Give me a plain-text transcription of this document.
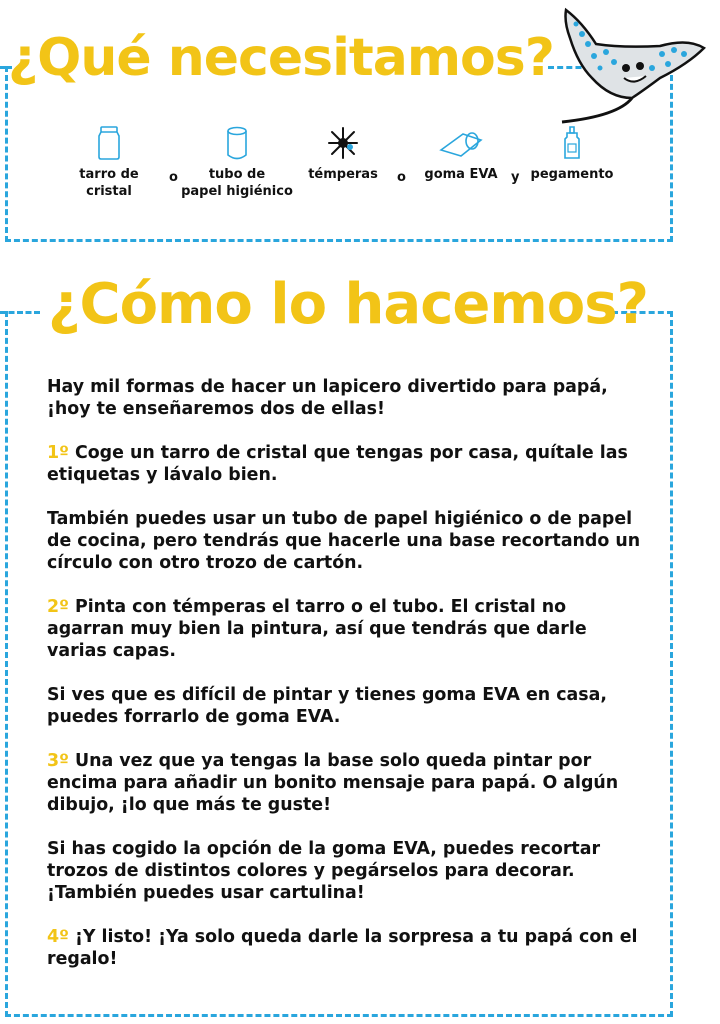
¿Qué necesitamos?
tarro de
cristal
o	tubo de
papel higiénico
témperas	o goma EVA y pegamento
¿Cómo lo hacemos?

Hay mil formas de hacer un lapicero divertido para papá, ¡hoy te enseñaremos dos de ellas!

1º Coge un tarro de cristal que tengas por casa, quítale las etiquetas y lávalo bien.

También puedes usar un tubo de papel higiénico o de papel de cocina, pero tendrás que hacerle una base recortando un círculo con otro trozo de cartón.

2º Pinta con témperas el tarro o el tubo. El cristal no agarran muy bien la pintura, así que tendrás que darle varias capas.

Si ves que es difícil de pintar y tienes goma EVA en casa, puedes forrarlo de goma EVA.

3º Una vez que ya tengas la base solo queda pintar por encima para añadir un bonito mensaje para papá. O algún dibujo, ¡lo que más te guste!

Si has cogido la opción de la goma EVA, puedes recortar trozos de distintos colores y pegárselos para decorar. ¡También puedes usar cartulina!

4º ¡Y listo! ¡Ya solo queda darle la sorpresa a tu papá con el regalo!
